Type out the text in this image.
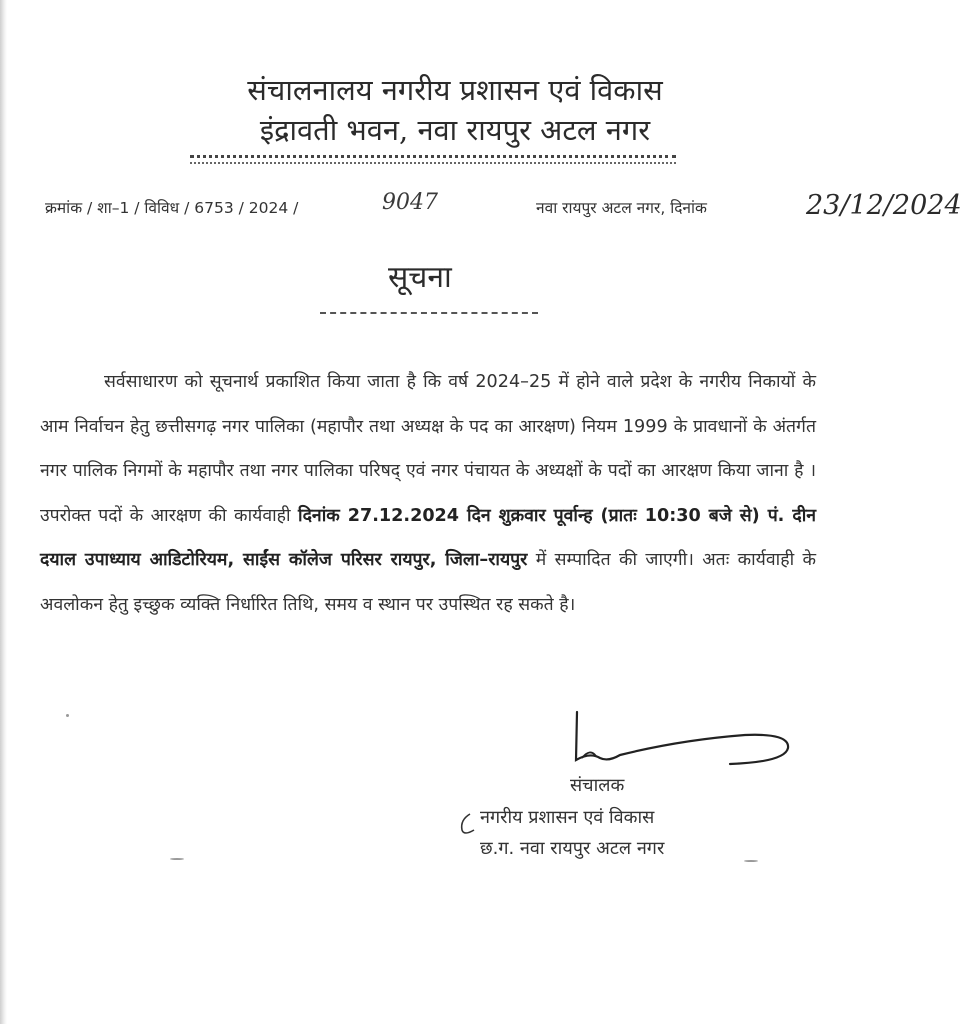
संचालनालय नगरीय प्रशासन एवं विकास
इंद्रावती भवन, नवा रायपुर अटल नगर
क्रमांक / शा–1 / विविध / 6753 / 2024 /	9047	नवा रायपुर अटल नगर, दिनांक	23/12/2024
सूचना
सर्वसाधारण को सूचनार्थ प्रकाशित किया जाता है कि वर्ष 2024–25 में होने वाले प्रदेश के नगरीय निकायों के आम निर्वाचन हेतु छत्तीसगढ़ नगर पालिका (महापौर तथा अध्यक्ष के पद का आरक्षण) नियम 1999 के प्रावधानों के अंतर्गत नगर पालिक निगमों के महापौर तथा नगर पालिका परिषद् एवं नगर पंचायत के अध्यक्षों के पदों का आरक्षण किया जाना है । उपरोक्त पदों के आरक्षण की कार्यवाही दिनांक 27.12.2024 दिन शुक्रवार पूर्वान्ह (प्रातः 10:30 बजे से) पं. दीन दयाल उपाध्याय आडिटोरियम, साईंस कॉलेज परिसर रायपुर, जिला–रायपुर में सम्पादित की जाएगी। अतः कार्यवाही के अवलोकन हेतु इच्छुक व्यक्ति निर्धारित तिथि, समय व स्थान पर उपस्थित रह सकते है।
संचालक
नगरीय प्रशासन एवं विकास
छ.ग. नवा रायपुर अटल नगर
